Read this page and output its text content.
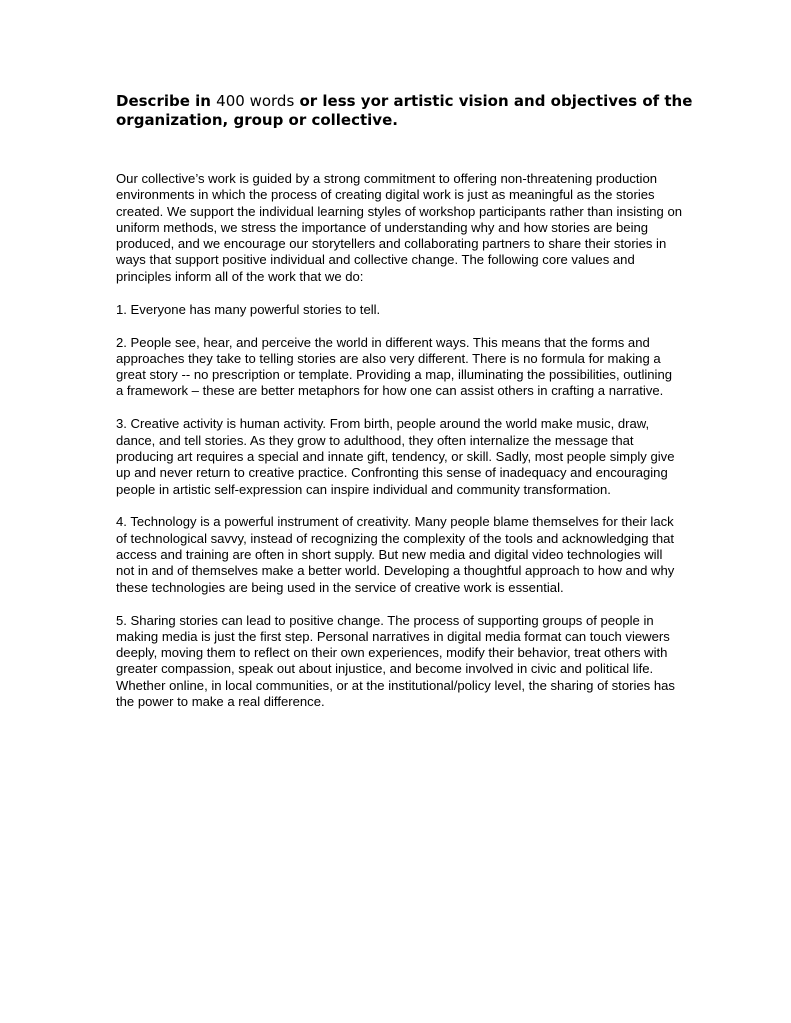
Describe in 400 words or less yor artistic vision and objectives of the organization, group or collective.

Our collective’s work is guided by a strong commitment to offering non-threatening production environments in which the process of creating digital work is just as meaningful as the stories created. We support the individual learning styles of workshop participants rather than insisting on uniform methods, we stress the importance of understanding why and how stories are being produced, and we encourage our storytellers and collaborating partners to share their stories in ways that support positive individual and collective change. The following core values and principles inform all of the work that we do:

1. Everyone has many powerful stories to tell.

2. People see, hear, and perceive the world in different ways. This means that the forms and approaches they take to telling stories are also very different. There is no formula for making a great story -- no prescription or template. Providing a map, illuminating the possibilities, outlining a framework – these are better metaphors for how one can assist others in crafting a narrative.

3. Creative activity is human activity. From birth, people around the world make music, draw, dance, and tell stories. As they grow to adulthood, they often internalize the message that producing art requires a special and innate gift, tendency, or skill. Sadly, most people simply give up and never return to creative practice. Confronting this sense of inadequacy and encouraging people in artistic self-expression can inspire individual and community transformation.

4. Technology is a powerful instrument of creativity. Many people blame themselves for their lack of technological savvy, instead of recognizing the complexity of the tools and acknowledging that access and training are often in short supply. But new media and digital video technologies will not in and of themselves make a better world. Developing a thoughtful approach to how and why these technologies are being used in the service of creative work is essential.

5. Sharing stories can lead to positive change. The process of supporting groups of people in making media is just the first step. Personal narratives in digital media format can touch viewers deeply, moving them to reflect on their own experiences, modify their behavior, treat others with greater compassion, speak out about injustice, and become involved in civic and political life. Whether online, in local communities, or at the institutional/policy level, the sharing of stories has the power to make a real difference.
